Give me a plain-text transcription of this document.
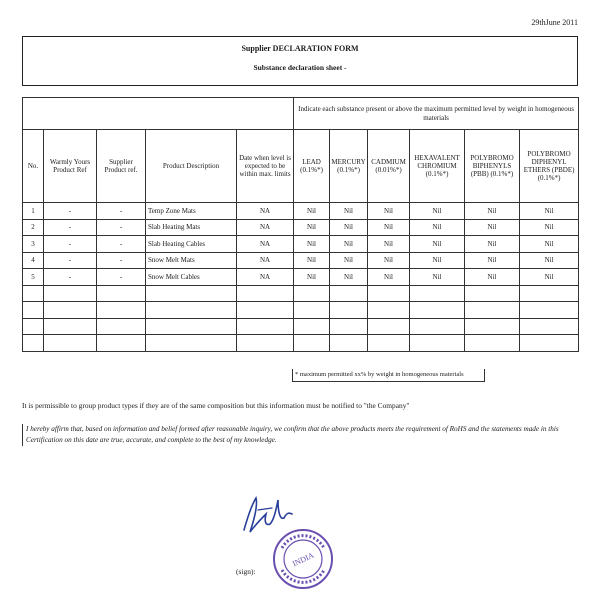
29thJune 2011
Supplier DECLARATION FORM
Substance declaration sheet -
					Indicate each substance present or above the maximum permitted level by weight in homogeneous materials					
No.	Warmly Yours Product Ref	Supplier Product ref.	Product Description	Date when level is expected to be within max. limits	LEAD (0.1%*)	MERCURY (0.1%*)	CADMIUM (0.01%*)	HEXAVALENT CHROMIUM (0.1%*)	POLYBROMO BIPHENYLS (PBB) (0.1%*)	POLYBROMO DIPHENYL ETHERS (PBDE) (0.1%*)
1	-	-	Temp Zone Mats	NA	Nil	Nil	Nil	Nil	Nil	Nil
2	-	-	Slab Heating Mats	NA	Nil	Nil	Nil	Nil	Nil	Nil
3	-	-	Slab Heating Cables	NA	Nil	Nil	Nil	Nil	Nil	Nil
4	-	-	Snow Melt Mats	NA	Nil	Nil	Nil	Nil	Nil	Nil
5	-	-	Snow Melt Cables	NA	Nil	Nil	Nil	Nil	Nil	Nil

* maximum permitted xx% by weight in homogeneous materials
It is permissible to group product types if they are of the same composition but this information must be notified to "the Company"
I hereby affirm that, based on information and belief formed after reasonable inquiry, we confirm that the above products meets the requirement of RoHS and the statements made in this Certification on this date are true, accurate, and complete to the best of my knowledge.
INDIA
(sign):
